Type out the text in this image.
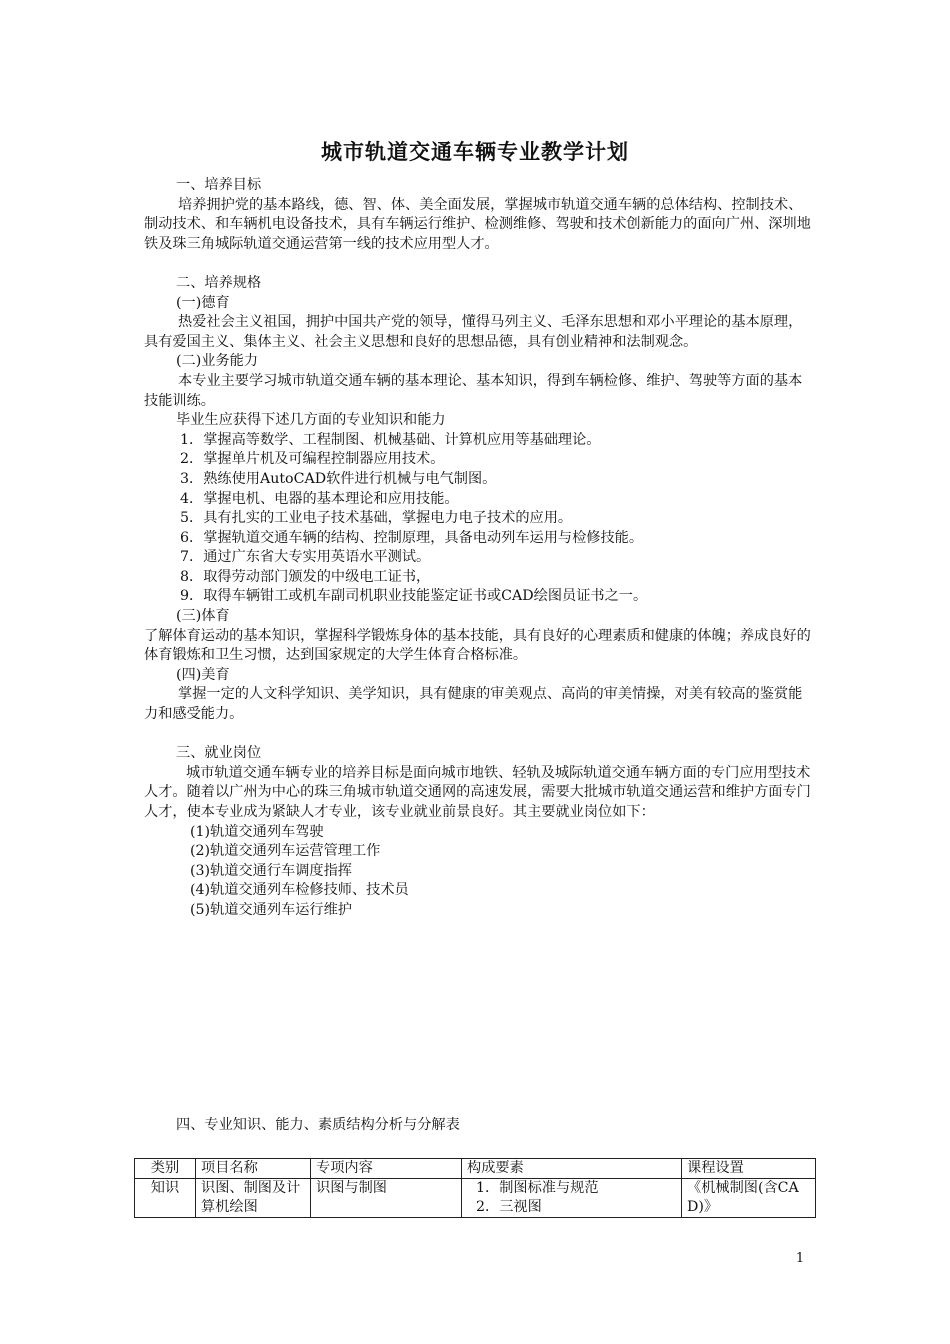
城市轨道交通车辆专业教学计划

一、培养目标

培养拥护党的基本路线，德、智、体、美全面发展，掌握城市轨道交通车辆的总体结构、控制技术、制动技术、和车辆机电设备技术，具有车辆运行维护、检测维修、驾驶和技术创新能力的面向广州、深圳地铁及珠三角城际轨道交通运营第一线的技术应用型人才。

二、培养规格

(一)德育

热爱社会主义祖国，拥护中国共产党的领导，懂得马列主义、毛泽东思想和邓小平理论的基本原理，具有爱国主义、集体主义、社会主义思想和良好的思想品德，具有创业精神和法制观念。

(二)业务能力

本专业主要学习城市轨道交通车辆的基本理论、基本知识，得到车辆检修、维护、驾驶等方面的基本技能训练。

毕业生应获得下述几方面的专业知识和能力

1．掌握高等数学、工程制图、机械基础、计算机应用等基础理论。

2．掌握单片机及可编程控制器应用技术。

3．熟练使用AutoCAD软件进行机械与电气制图。

4．掌握电机、电器的基本理论和应用技能。

5．具有扎实的工业电子技术基础，掌握电力电子技术的应用。

6．掌握轨道交通车辆的结构、控制原理，具备电动列车运用与检修技能。

7．通过广东省大专实用英语水平测试。

8．取得劳动部门颁发的中级电工证书，

9．取得车辆钳工或机车副司机职业技能鉴定证书或CAD绘图员证书之一。

(三)体育

了解体育运动的基本知识，掌握科学锻炼身体的基本技能，具有良好的心理素质和健康的体魄；养成良好的体育锻炼和卫生习惯，达到国家规定的大学生体育合格标准。

(四)美育

掌握一定的人文科学知识、美学知识，具有健康的审美观点、高尚的审美情操，对美有较高的鉴赏能力和感受能力。

三、就业岗位

城市轨道交通车辆专业的培养目标是面向城市地铁、轻轨及城际轨道交通车辆方面的专门应用型技术人才。随着以广州为中心的珠三角城市轨道交通网的高速发展，需要大批城市轨道交通运营和维护方面专门人才，使本专业成为紧缺人才专业，该专业就业前景良好。其主要就业岗位如下：

(1)轨道交通列车驾驶

(2)轨道交通列车运营管理工作

(3)轨道交通行车调度指挥

(4)轨道交通列车检修技师、技术员

(5)轨道交通列车运行维护

四、专业知识、能力、素质结构分析与分解表

类别	项目名称	专项内容	构成要素	课程设置
知识	识图、制图及计算机绘图	识图与制图	1．制图标准与规范
2．三视图	《机械制图(含CAD)》
1
